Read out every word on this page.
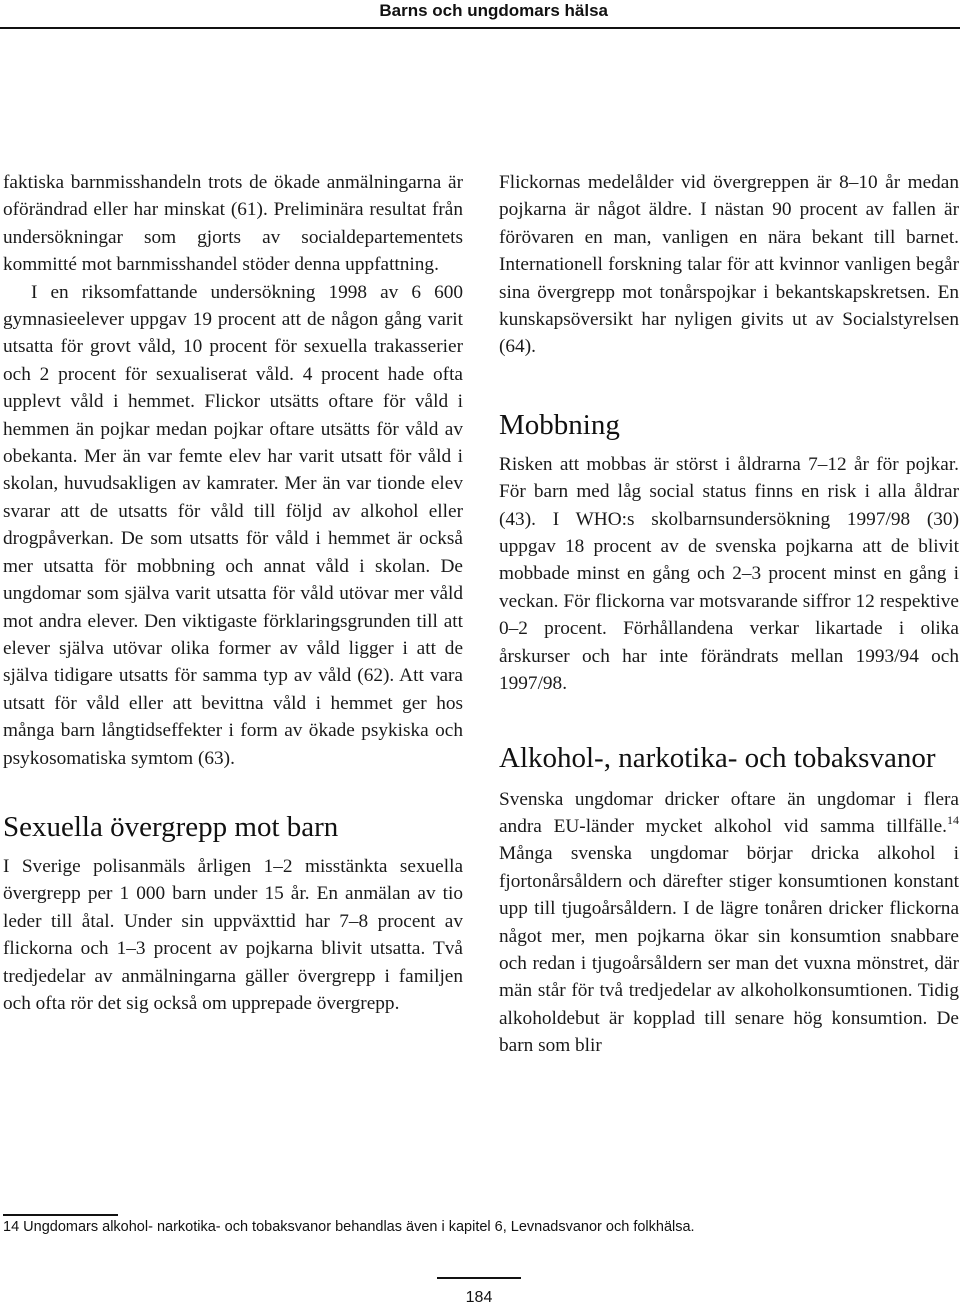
Barns och ungdomars hälsa

faktiska barnmisshandeln trots de ökade anmälningarna är oförändrad eller har minskat (61). Preliminära resultat från undersökningar som gjorts av socialdepartementets kommitté mot barnmisshandel stöder denna uppfattning.

I en riksomfattande undersökning 1998 av 6 600 gymnasieelever uppgav 19 procent att de någon gång varit utsatta för grovt våld, 10 procent för sexuella trakasserier och 2 procent för sexualiserat våld. 4 procent hade ofta upplevt våld i hemmet. Flickor utsätts oftare för våld i hemmen än pojkar medan pojkar oftare utsätts för våld av obekanta. Mer än var femte elev har varit utsatt för våld i skolan, huvudsakligen av kamrater. Mer än var tionde elev svarar att de utsatts för våld till följd av alkohol eller drogpåverkan. De som utsatts för våld i hemmet är också mer utsatta för mobbning och annat våld i skolan. De ungdomar som själva varit utsatta för våld utövar mer våld mot andra elever. Den viktigaste förklaringsgrunden till att elever själva utövar olika former av våld ligger i att de själva tidigare utsatts för samma typ av våld (62). Att vara utsatt för våld eller att bevittna våld i hemmet ger hos många barn långtidseffekter i form av ökade psykiska och psykosomatiska symtom (63).

Sexuella övergrepp mot barn

I Sverige polisanmäls årligen 1–2 misstänkta sexuella övergrepp per 1 000 barn under 15 år. En anmälan av tio leder till åtal. Under sin uppväxttid har 7–8 procent av flickorna och 1–3 procent av pojkarna blivit utsatta. Två tredjedelar av anmälningarna gäller övergrepp i familjen och ofta rör det sig också om upprepade övergrepp.

Flickornas medelålder vid övergreppen är 8–10 år medan pojkarna är något äldre. I nästan 90 procent av fallen är förövaren en man, vanligen en nära bekant till barnet. Internationell forskning talar för att kvinnor vanligen begår sina övergrepp mot tonårspojkar i bekantskapskretsen. En kunskapsöversikt har nyligen givits ut av Socialstyrelsen (64).

Mobbning

Risken att mobbas är störst i åldrarna 7–12 år för pojkar. För barn med låg social status finns en risk i alla åldrar (43). I WHO:s skolbarnsundersökning 1997/98 (30) uppgav 18 procent av de svenska pojkarna att de blivit mobbade minst en gång och 2–3 procent minst en gång i veckan. För flickorna var motsvarande siffror 12 respektive 0–2 procent. Förhållandena verkar likartade i olika årskurser och har inte förändrats mellan 1993/94 och 1997/98.

Alkohol-, narkotika- och tobaksvanor

Svenska ungdomar dricker oftare än ungdomar i flera andra EU-länder mycket alkohol vid samma tillfälle.$^{14}$ Många svenska ungdomar börjar dricka alkohol i fjortonårsåldern och därefter stiger konsumtionen konstant upp till tjugoårsåldern. I de lägre tonåren dricker flickorna något mer, men pojkarna ökar sin konsumtion snabbare och redan i tjugoårsåldern ser man det vuxna mönstret, där män står för två tredjedelar av alkoholkonsumtionen. Tidig alkoholdebut är kopplad till senare hög konsumtion. De barn som blir

14 Ungdomars alkohol- narkotika- och tobaksvanor behandlas även i kapitel 6, Levnadsvanor och folkhälsa.
184
